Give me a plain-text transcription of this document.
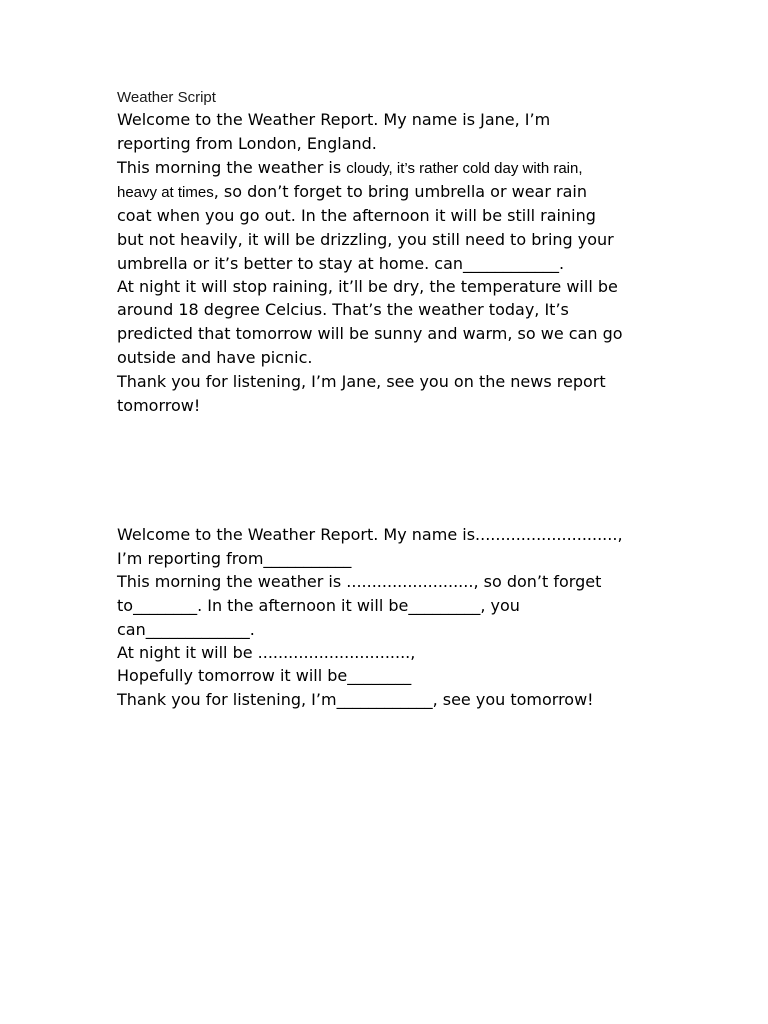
Weather Script
Welcome to the Weather Report. My name is Jane, I’m
reporting from London, England.
This morning the weather is cloudy, it’s rather cold day with rain,
heavy at times, so don’t forget to bring umbrella or wear rain
coat when you go out. In the afternoon it will be still raining
but not heavily, it will be drizzling, you still need to bring your
umbrella or it’s better to stay at home. can____________.
At night it will stop raining, it’ll be dry, the temperature will be
around 18 degree Celcius. That’s the weather today, It’s
predicted that tomorrow will be sunny and warm, so we can go
outside and have picnic.
Thank you for listening, I’m Jane, see you on the news report
tomorrow!
Welcome to the Weather Report. My name is............................,
I’m reporting from___________
This morning the weather is ........................., so don’t forget
to________. In the afternoon it will be_________, you
can_____________.
At night it will be ..............................,
Hopefully tomorrow it will be________
Thank you for listening, I’m____________, see you tomorrow!
